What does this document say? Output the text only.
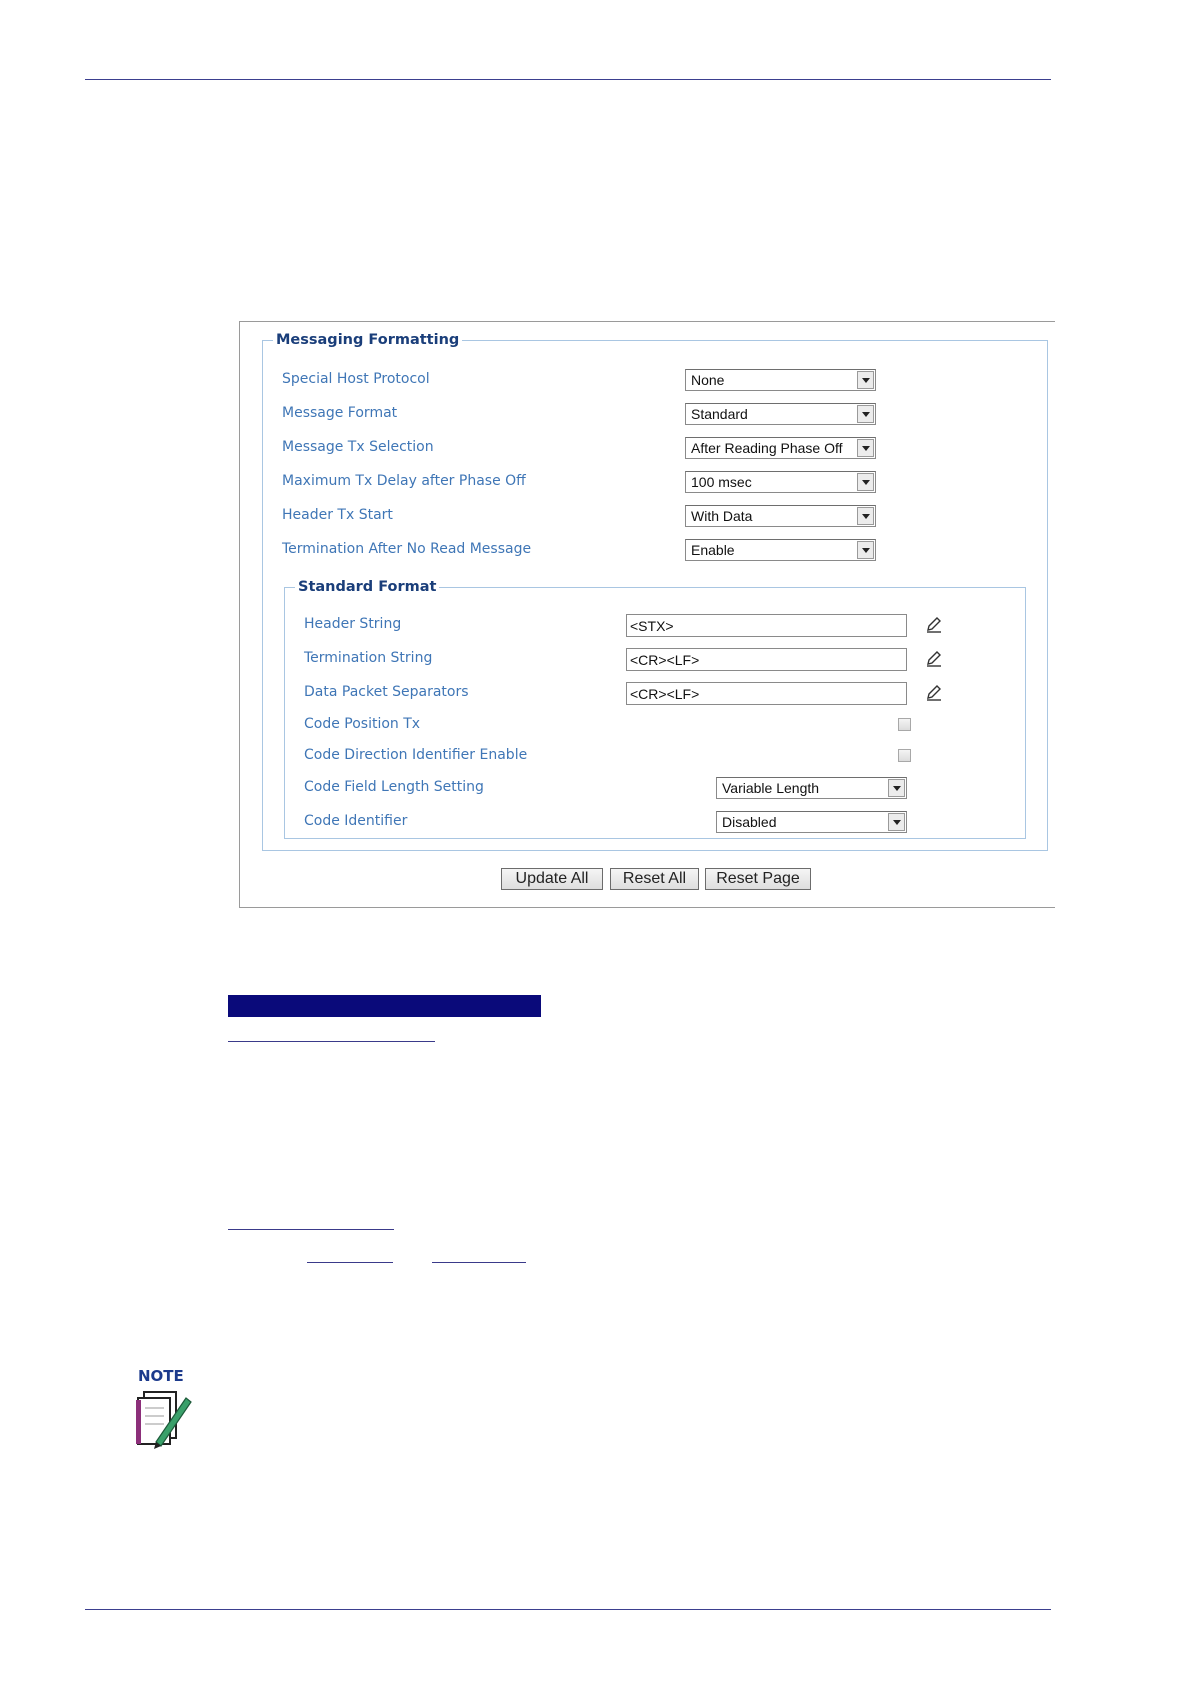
Messaging Formatting
Special Host Protocol	None
Message Format	Standard
Message Tx Selection	After Reading Phase Off
Maximum Tx Delay after Phase Off	100 msec
Header Tx Start	With Data
Termination After No Read Message	Enable
Standard Format
Header String	<STX>
Termination String	<CR><LF>
Data Packet Separators	<CR><LF>
Code Position Tx
Code Direction Identifier Enable
Code Field Length Setting	Variable Length
Code Identifier	Disabled
Update All	Reset All	Reset Page
NOTE
